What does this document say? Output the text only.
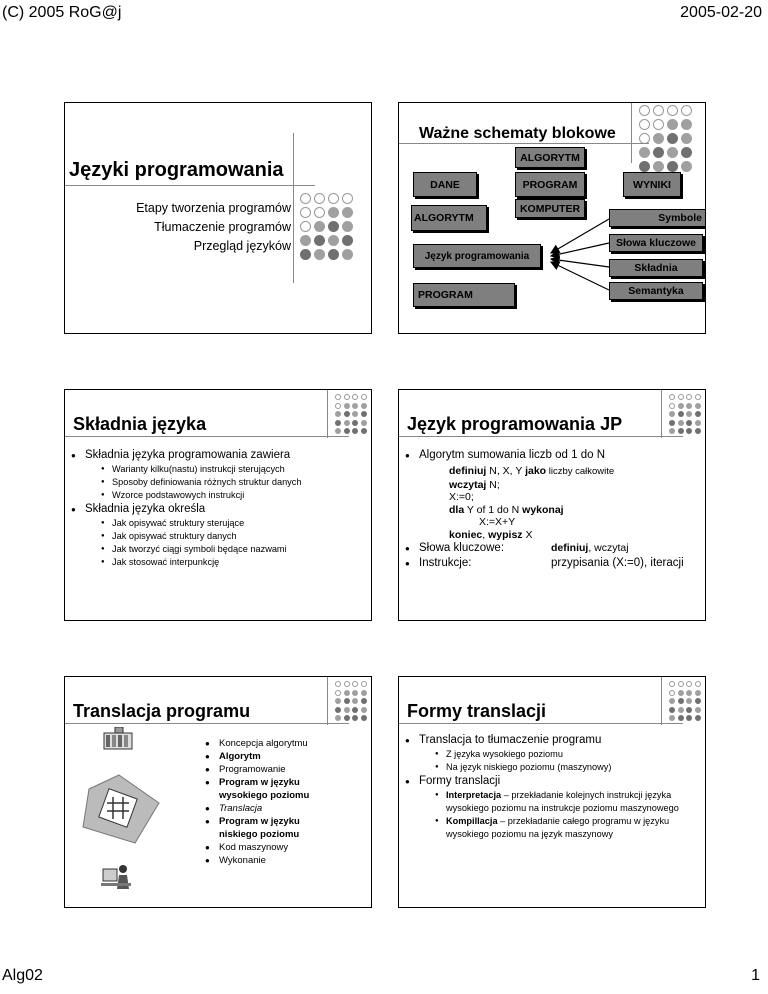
(C) 2005 RoG@j	2005-02-20
Alg02	1
Języki programowania
Etapy tworzenia programów
Tłumaczenie programów
Przegląd języków
Ważne schematy blokowe
ALGORYTM
DANE	PROGRAM	WYNIKI
KOMPUTER
ALGORYTM
Język programowania
PROGRAM
Symbole
Słowa kluczowe
Składnia
Semantyka
Składnia języka
● Składnia języka programowania zawiera
● Warianty kilku(nastu) instrukcji sterujących
● Sposoby definiowania różnych struktur danych
● Wzorce podstawowych instrukcji
● Składnia języka określa
● Jak opisywać struktury sterujące
● Jak opisywać struktury danych
● Jak tworzyć ciągi symboli będące nazwami
● Jak stosować interpunkcję
Język programowania JP
● Algorytm sumowania liczb od 1 do N
definiuj N, X, Y jako liczby całkowite
wczytaj N;
X:=0;
dla Y of 1 do N wykonaj
X:=X+Y
koniec, wypisz X
● Słowa kluczowe:	definiuj, wczytaj
● Instrukcje:	przypisania (X:=0), iteracji
Translacja programu
● Koncepcja algorytmu
● Algorytm
● Programowanie
● Program w języku wysokiego poziomu
● Translacja
● Program w języku niskiego poziomu
● Kod maszynowy
● Wykonanie
Formy translacji
● Translacja to tłumaczenie programu
● Z języka wysokiego poziomu
● Na język niskiego poziomu (maszynowy)
● Formy translacji
● Interpretacja – przekładanie kolejnych instrukcji języka wysokiego poziomu na instrukcje poziomu maszynowego
● Kompillacja – przekładanie całego programu w języku wysokiego poziomu na język maszynowy
